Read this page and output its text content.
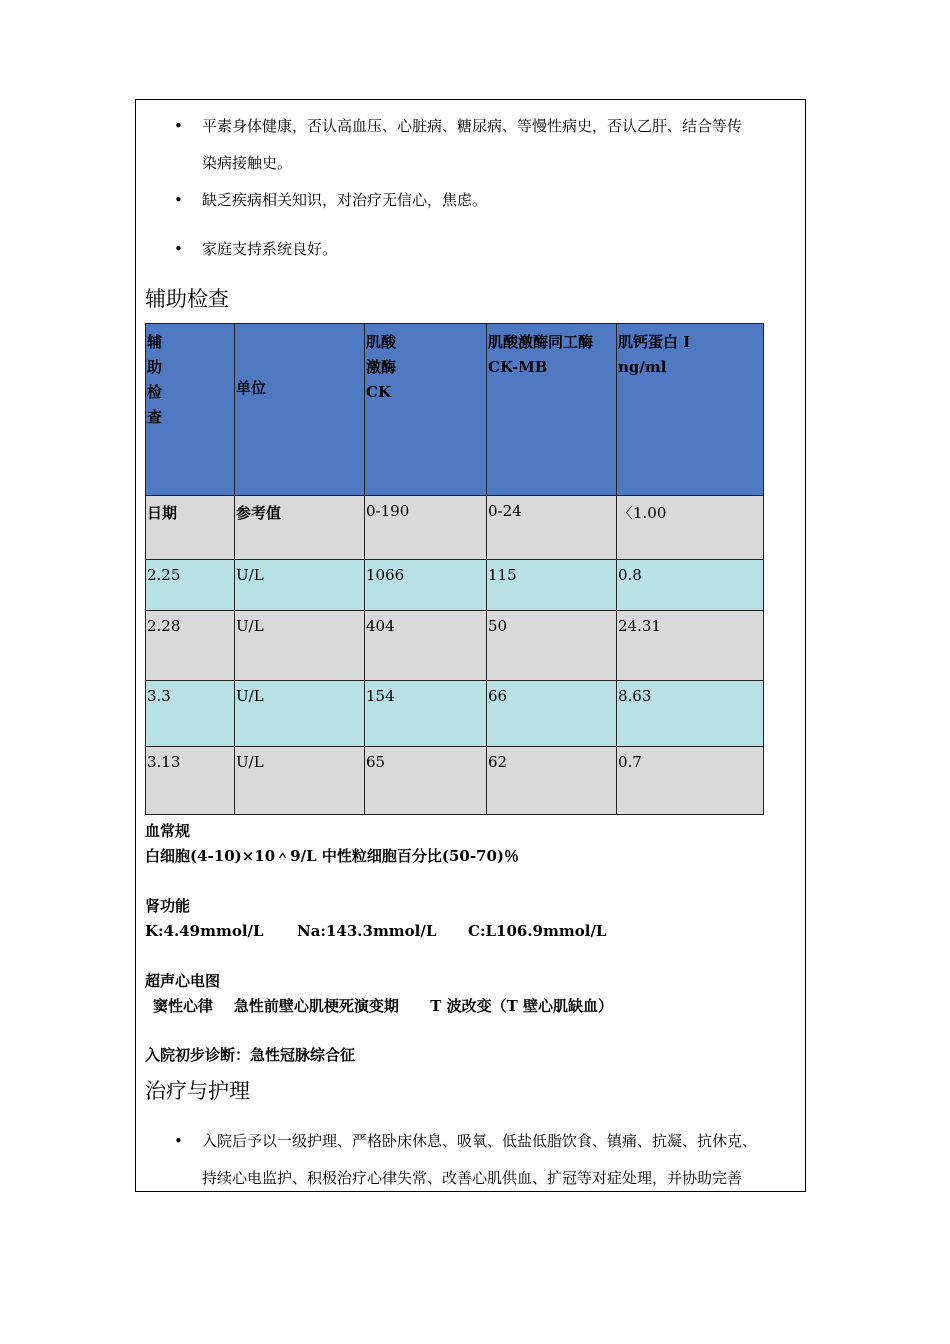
• 平素身体健康，否认高血压、心脏病、糖尿病、等慢性病史，否认乙肝、结合等传
染病接触史。
• 缺乏疾病相关知识，对治疗无信心，焦虑。
• 家庭支持系统良好。
辅助检查
辅
助
检
查	单位	肌酸
激酶
CK	肌酸激酶同工酶
CK-MB	肌钙蛋白 I
ng/ml
日期	参考值	0-190	0-24	〈1.00
2.25	U/L	1066	115	0.8
2.28	U/L	404	50	24.31
3.3	U/L	154	66	8.63
3.13	U/L	65	62	0.7
血常规
白细胞(4-10)×10＾9/L 中性粒细胞百分比(50-70)％
肾功能
K:4.49mmol/L Na:143.3mmol/L C:L106.9mmol/L
超声心电图
窦性心律    急性前壁心肌梗死演变期      T 波改变（T 壁心肌缺血）
入院初步诊断：急性冠脉综合征
治疗与护理
• 入院后予以一级护理、严格卧床休息、吸氧、低盐低脂饮食、镇痛、抗凝、抗休克、
持续心电监护、积极治疗心律失常、改善心肌供血、扩冠等对症处理，并协助完善
